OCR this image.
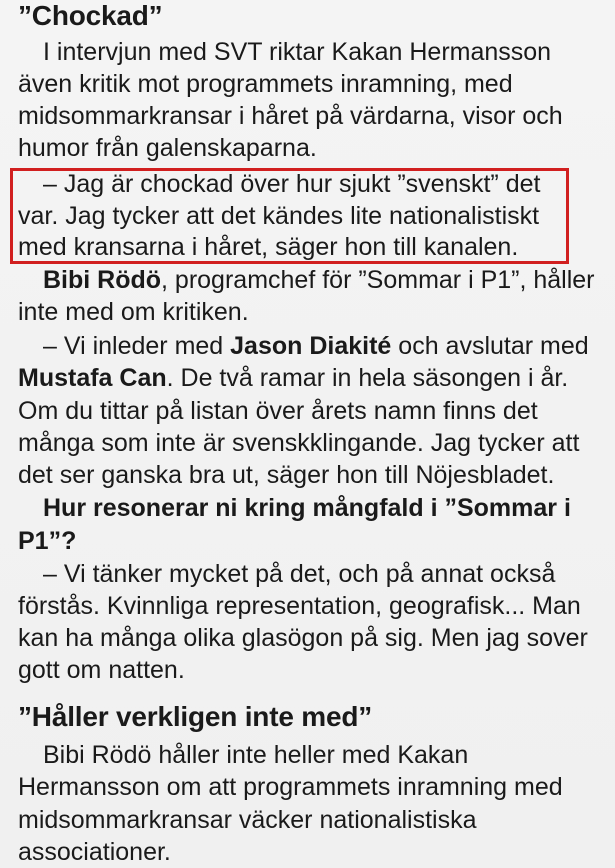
”Chockad”
I intervjun med SVT riktar Kakan Hermansson
även kritik mot programmets inramning, med
midsommarkransar i håret på värdarna, visor och
humor från galenskaparna.
– Jag är chockad över hur sjukt ”svenskt” det
var. Jag tycker att det kändes lite nationalistiskt
med kransarna i håret, säger hon till kanalen.
Bibi Rödö, programchef för ”Sommar i P1”, håller
inte med om kritiken.
– Vi inleder med Jason Diakité och avslutar med
Mustafa Can. De två ramar in hela säsongen i år.
Om du tittar på listan över årets namn finns det
många som inte är svenskklingande. Jag tycker att
det ser ganska bra ut, säger hon till Nöjesbladet.
Hur resonerar ni kring mångfald i ”Sommar i
P1”?
– Vi tänker mycket på det, och på annat också
förstås. Kvinnliga representation, geografisk... Man
kan ha många olika glasögon på sig. Men jag sover
gott om natten.
”Håller verkligen inte med”
Bibi Rödö håller inte heller med Kakan
Hermansson om att programmets inramning med
midsommarkransar väcker nationalistiska
associationer.
